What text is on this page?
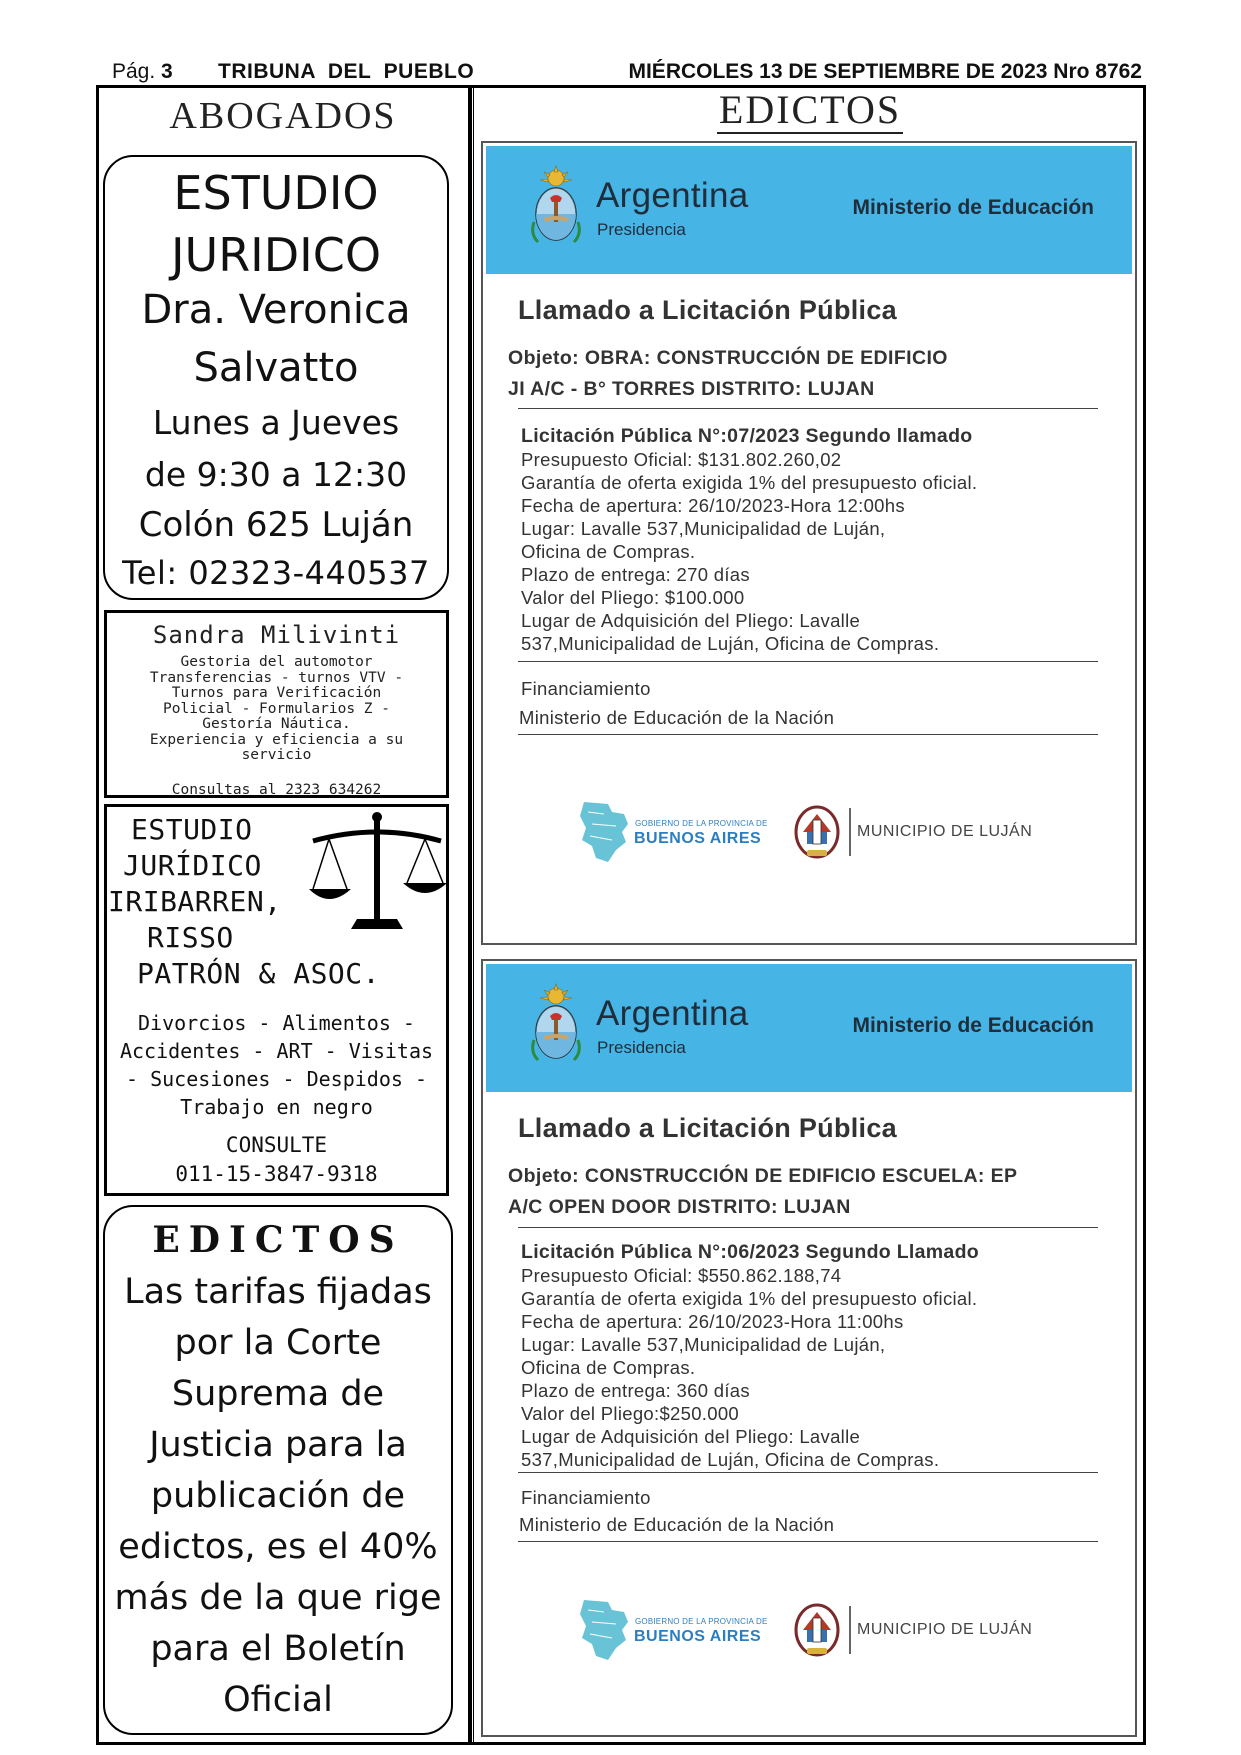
Pág. 3 TRIBUNA  DEL  PUEBLO	MIÉRCOLES 13 DE SEPTIEMBRE DE 2023 Nro 8762
ABOGADOS	EDICTOS
ESTUDIO
JURIDICO
Dra. Veronica
Salvatto
Lunes a Jueves
de 9:30 a 12:30
Colón 625 Luján
Tel: 02323-440537
Sandra Milivinti
Gestoria del automotor
Transferencias - turnos VTV -
Turnos para Verificación
Policial - Formularios Z -
Gestoría Náutica.
Experiencia y eficiencia a su
servicio
Consultas al 2323 634262
ESTUDIO
JURÍDICO
IRIBARREN,
RISSO
PATRÓN & ASOC.
Divorcios - Alimentos -
Accidentes - ART - Visitas
- Sucesiones - Despidos -
Trabajo en negro
CONSULTE
011-15-3847-9318
EDICTOS
Las tarifas fijadas
por la Corte
Suprema de
Justicia para la
publicación de
edictos, es el 40%
más de la que rige
para el Boletín
Oficial
Argentina
Presidencia
Ministerio de Educación
Llamado a Licitación Pública
Objeto: OBRA: CONSTRUCCIÓN DE EDIFICIO
JI A/C - B° TORRES DISTRITO: LUJAN
Licitación Pública N°:07/2023 Segundo llamado
Presupuesto Oficial: $131.802.260,02
Garantía de oferta exigida 1% del presupuesto oficial.
Fecha de apertura: 26/10/2023-Hora 12:00hs
Lugar: Lavalle 537,Municipalidad de Luján,
Oficina de Compras.
Plazo de entrega: 270 días
Valor del Pliego: $100.000
Lugar de Adquisición del Pliego: Lavalle
537,Municipalidad de Luján, Oficina de Compras.
Financiamiento
Ministerio de Educación de la Nación
GOBIERNO DE LA PROVINCIA DE
BUENOS AIRES	MUNICIPIO DE LUJÁN
Argentina
Presidencia
Ministerio de Educación
Llamado a Licitación Pública
Objeto: CONSTRUCCIÓN DE EDIFICIO ESCUELA: EP
A/C OPEN DOOR DISTRITO: LUJAN
Licitación Pública N°:06/2023 Segundo Llamado
Presupuesto Oficial: $550.862.188,74
Garantía de oferta exigida 1% del presupuesto oficial.
Fecha de apertura: 26/10/2023-Hora 11:00hs
Lugar: Lavalle 537,Municipalidad de Luján,
Oficina de Compras.
Plazo de entrega: 360 días
Valor del Pliego:$250.000
Lugar de Adquisición del Pliego: Lavalle
537,Municipalidad de Luján, Oficina de Compras.
Financiamiento
Ministerio de Educación de la Nación
GOBIERNO DE LA PROVINCIA DE
BUENOS AIRES	MUNICIPIO DE LUJÁN
